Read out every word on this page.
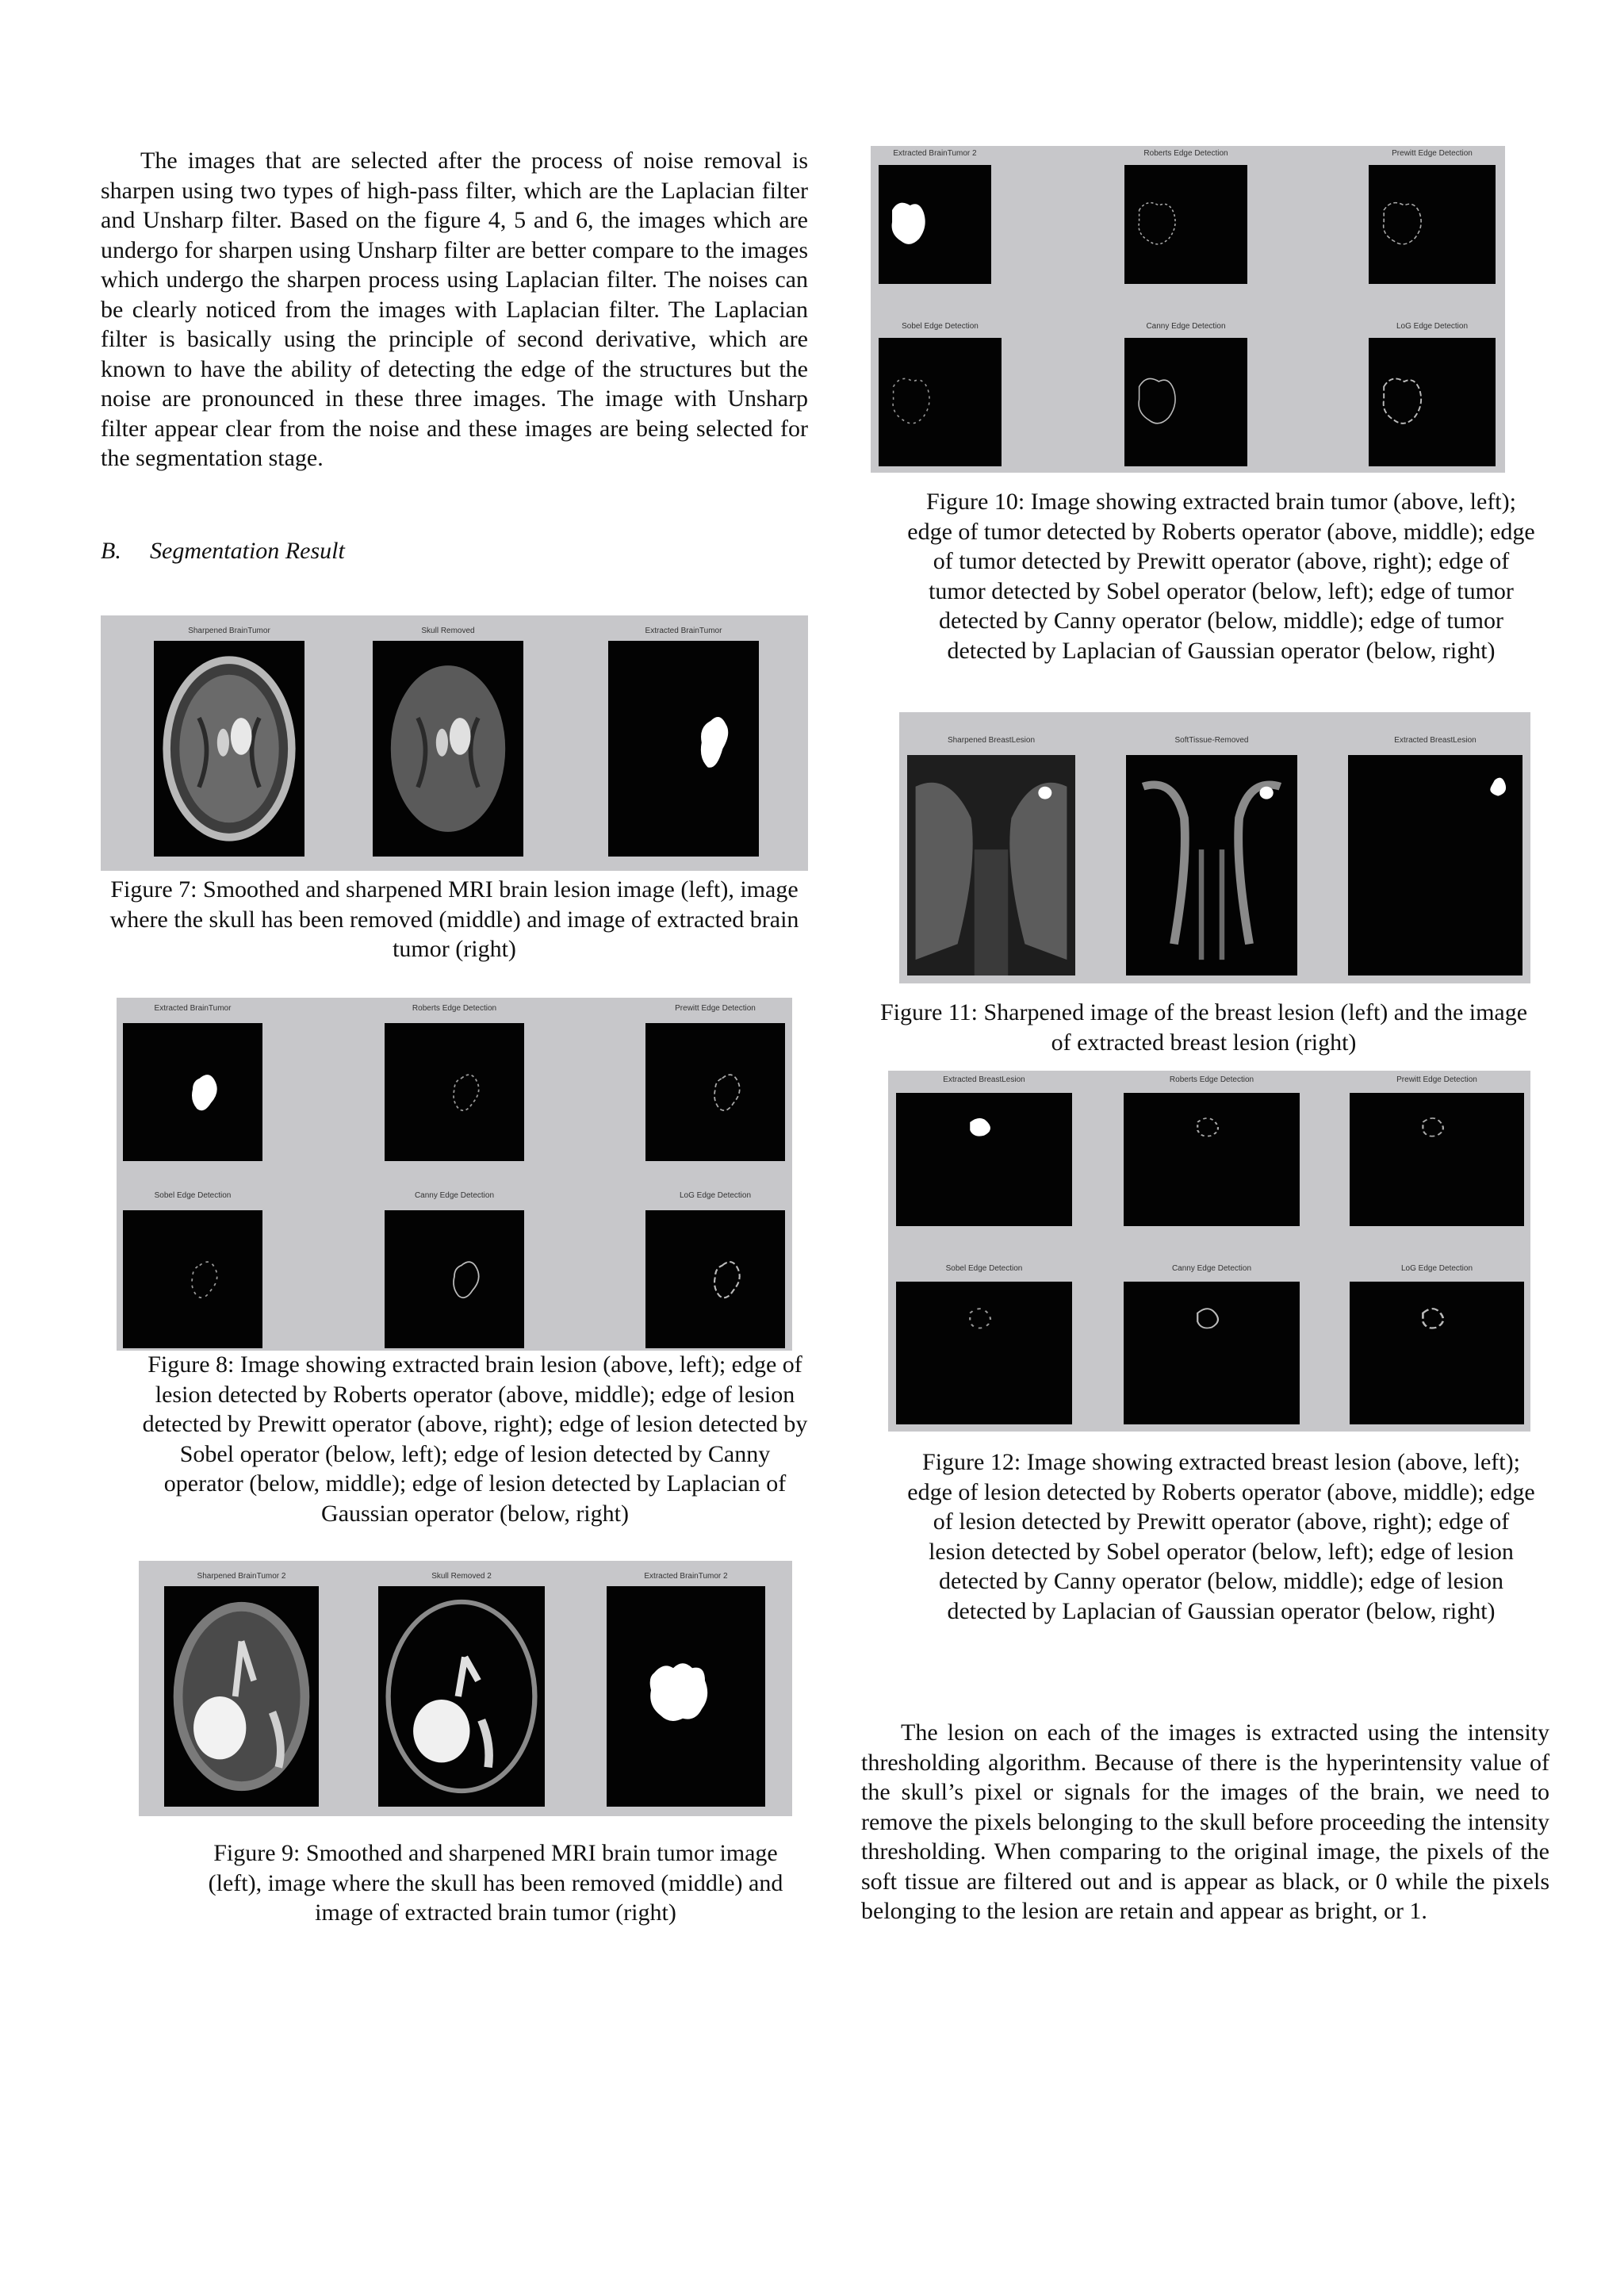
The images that are selected after the process of noise removal is sharpen using two types of high-pass filter, which are the Laplacian filter and Unsharp filter. Based on the figure 4, 5 and 6, the images which are undergo for sharpen using Unsharp filter are better compare to the images which undergo the sharpen process using Laplacian filter. The noises can be clearly noticed from the images with Laplacian filter. The Laplacian filter is basically using the principle of second derivative, which are known to have the ability of detecting the edge of the structures but the noise are pronounced in these three images. The image with Unsharp filter appear clear from the noise and these images are being selected for the segmentation stage.

B. Segmentation Result

Sharpened BrainTumor	Skull Removed	Extracted BrainTumor

Figure 7: Smoothed and sharpened MRI brain lesion image (left), image where the skull has been removed (middle) and image of extracted brain tumor (right)

Extracted BrainTumor	Roberts Edge Detection	Prewitt Edge Detection
Sobel Edge Detection	Canny Edge Detection	LoG Edge Detection

Figure 8: Image showing extracted brain lesion (above, left); edge of lesion detected by Roberts operator (above, middle); edge of lesion detected by Prewitt operator (above, right); edge of lesion detected by Sobel operator (below, left); edge of lesion detected by Canny operator (below, middle); edge of lesion detected by Laplacian of Gaussian operator (below, right)

Sharpened BrainTumor 2	Skull Removed 2	Extracted BrainTumor 2

Figure 9: Smoothed and sharpened MRI brain tumor image (left), image where the skull has been removed (middle) and image of extracted brain tumor (right)

Extracted BrainTumor 2	Roberts Edge Detection	Prewitt Edge Detection
Sobel Edge Detection	Canny Edge Detection	LoG Edge Detection

Figure 10: Image showing extracted brain tumor (above, left); edge of tumor detected by Roberts operator (above, middle); edge of tumor detected by Prewitt operator (above, right); edge of tumor detected by Sobel operator (below, left); edge of tumor detected by Canny operator (below, middle); edge of tumor detected by Laplacian of Gaussian operator (below, right)

Sharpened BreastLesion	SoftTissue-Removed	Extracted BreastLesion

Figure 11: Sharpened image of the breast lesion (left) and the image of extracted breast lesion (right)

Extracted BreastLesion	Roberts Edge Detection	Prewitt Edge Detection
Sobel Edge Detection	Canny Edge Detection	LoG Edge Detection

Figure 12: Image showing extracted breast lesion (above, left); edge of lesion detected by Roberts operator (above, middle); edge of lesion detected by Prewitt operator (above, right); edge of lesion detected by Sobel operator (below, left); edge of lesion detected by Canny operator (below, middle); edge of lesion detected by Laplacian of Gaussian operator (below, right)

The lesion on each of the images is extracted using the intensity thresholding algorithm. Because of there is the hyperintensity value of the skull’s pixel or signals for the images of the brain, we need to remove the pixels belonging to the skull before proceeding the intensity thresholding. When comparing to the original image, the pixels of the soft tissue are filtered out and is appear as black, or 0 while the pixels belonging to the lesion are retain and appear as bright, or 1.
